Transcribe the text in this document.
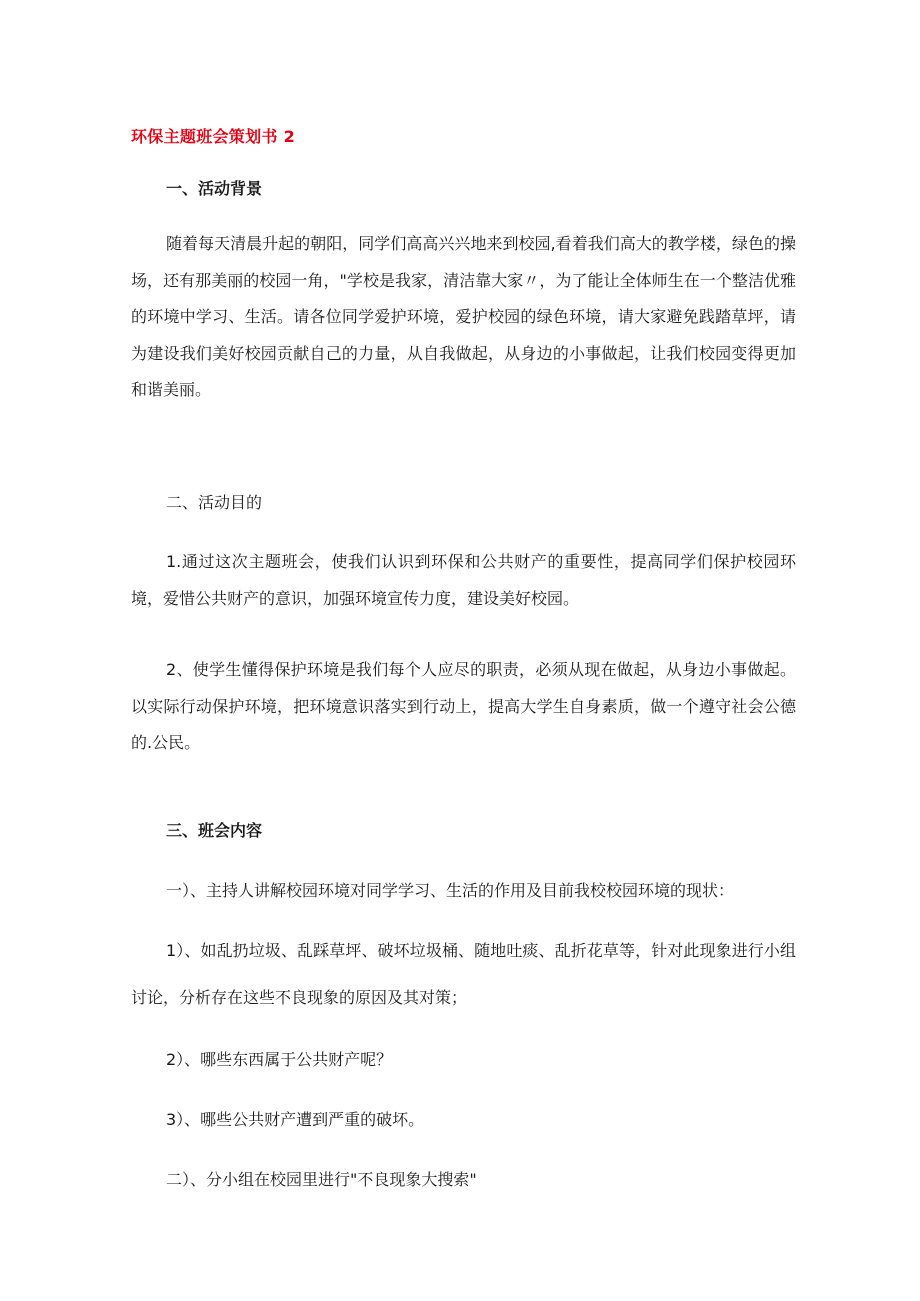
环保主题班会策划书 2
一、活动背景
随着每天清晨升起的朝阳，同学们高高兴兴地来到校园,看着我们高大的教学楼，绿色的操场，还有那美丽的校园一角，"学校是我家，清洁靠大家〃，为了能让全体师生在一个整洁优雅的环境中学习、生活。请各位同学爱护环境，爱护校园的绿色环境，请大家避免践踏草坪，请为建设我们美好校园贡献自己的力量，从自我做起，从身边的小事做起，让我们校园变得更加和谐美丽。
二、活动目的
1.通过这次主题班会，使我们认识到环保和公共财产的重要性，提高同学们保护校园环境，爱惜公共财产的意识，加强环境宣传力度，建设美好校园。
2、使学生懂得保护环境是我们每个人应尽的职责，必须从现在做起，从身边小事做起。以实际行动保护环境，把环境意识落实到行动上，提高大学生自身素质，做一个遵守社会公德的.公民。
三、班会内容
一）、主持人讲解校园环境对同学学习、生活的作用及目前我校校园环境的现状：
1）、如乱扔垃圾、乱踩草坪、破坏垃圾桶、随地吐痰、乱折花草等，针对此现象进行小组讨论，分析存在这些不良现象的原因及其对策；
2）、哪些东西属于公共财产呢？
3）、哪些公共财产遭到严重的破坏。
二）、分小组在校园里进行"不良现象大搜索"
